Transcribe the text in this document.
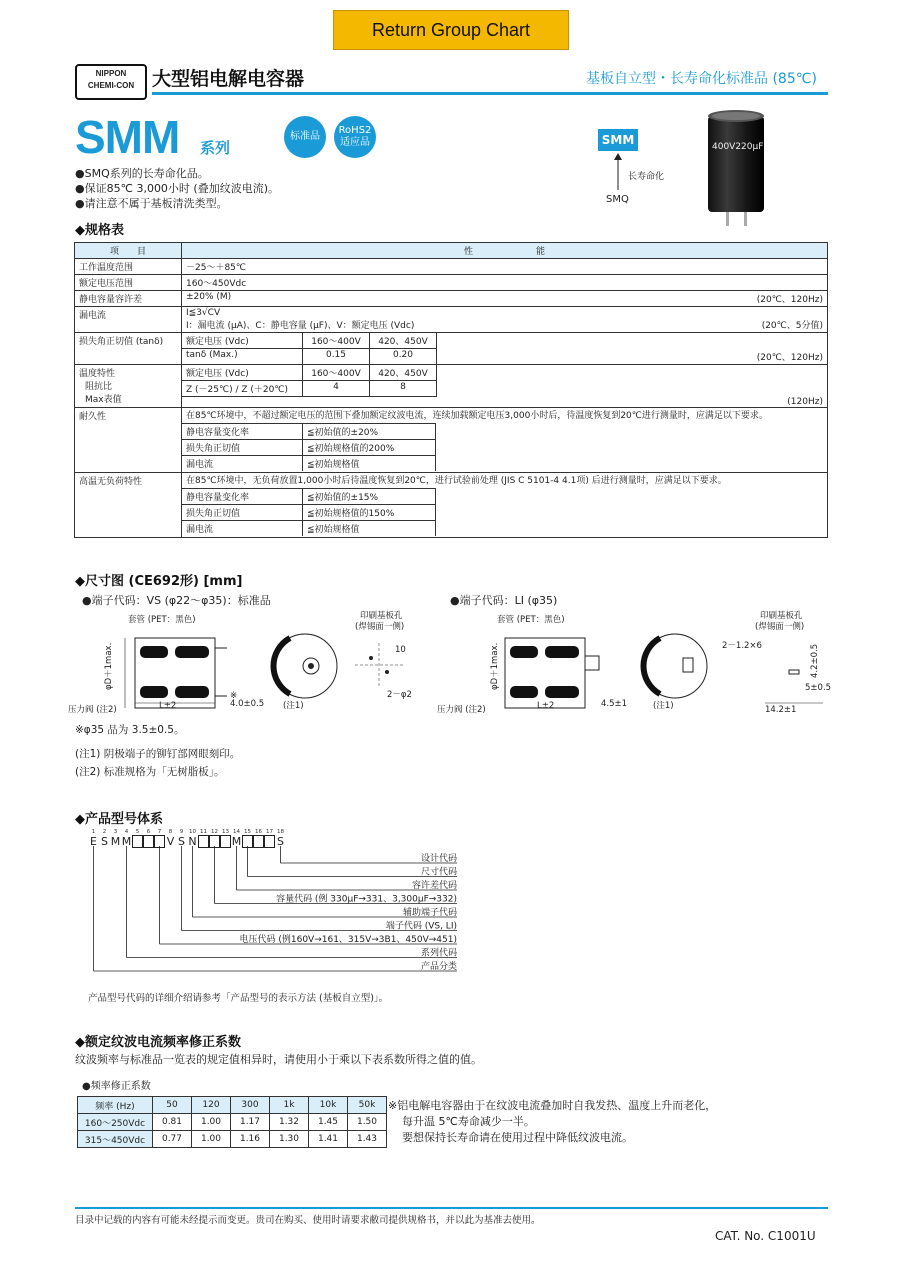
Return Group Chart
NIPPON
CHEMI-CON 大型铝电解电容器	基板自立型・长寿命化标准品 (85℃)
SMM 系列
标准品
RoHS2
适应品
●SMQ系列的长寿命化品。
●保证85℃ 3,000小时 (叠加纹波电流)。
●请注意不属于基板清洗类型。
SMM
长寿命化
SMQ
400V220μF
◆规格表
项　　目	性　　　　　　　能
工作温度范围	－25～＋85℃
额定电压范围	160～450Vdc
静电容量容许差	±20% (M)	(20℃、120Hz)

漏电流	I≦3√CV
I：漏电流 (μA)、C：静电容量 (μF)、V：额定电压 (Vdc)	(20℃、5分值)

损失角正切值 (tanδ)		额定电压 (Vdc)	160～400V	420、450V
tanδ (Max.)	0.15	0.20	(20℃、120Hz)

温度特性
阻抗比
Max表值

额定电压 (Vdc)	160～400V	420、450V
Z (－25℃) / Z (＋20℃)	4	8
(120Hz)

耐久性	在85℃环境中，不超过额定电压的范围下叠加额定纹波电流，连续加载额定电压3,000小时后，待温度恢复到20℃进行测量时，应满足以下要求。
静电容量变化率	≦初始值的±20%
损失角正切值	≦初始规格值的200%
漏电流	≦初始规格值

高温无负荷特性	在85℃环境中，无负荷放置1,000小时后待温度恢复到20℃，进行试验前处理 (JIS C 5101-4 4.1项) 后进行测量时，应满足以下要求。
静电容量变化率	≦初始值的±15%
损失角正切值	≦初始规格值的150%
漏电流	≦初始规格值
◆尺寸图 (CE692形) [mm]
●端子代码：VS (φ22～φ35)：标准品	●端子代码：LI (φ35)
φD＋1max.
L±2
套管 (PET：黑色)
压力阀 (注2)
※
4.0±0.5 (注1)
印刷基板孔
(焊锡面一侧)
10
2－φ2
套管 (PET：黑色)
φD＋1max.
L±2
压力阀 (注2)
4.5±1	(注1)
印刷基板孔
(焊锡面一侧)
2－1.2×6
14.2±1
5±0.5
4.2±0.5
※φ35 品为 3.5±0.5。
(注1) 阴极端子的铆钉部网眼刻印。
(注2) 标准规格为「无树脂板」。
◆产品型号体系
1
E
2
S
3
M
4
M
5	6	7	8
V
9
S
10
N
11 12 13 14
M
15 16 17 18
S
设计代码
尺寸代码
容许差代码
容量代码 (例 330μF→331、3,300μF→332)
辅助端子代码
端子代码 (VS, LI)
电压代码 (例160V→161、315V→3B1、450V→451)
系列代码
产品分类
产品型号代码的详细介绍请参考「产品型号的表示方法 (基板自立型)」。
◆额定纹波电流频率修正系数
纹波频率与标准品一览表的规定值相异时，请使用小于乘以下表系数所得之值的值。
●频率修正系数
频率 (Hz)	50	120	300	1k	10k	50k
160～250Vdc	0.81	1.00	1.17	1.32	1.45	1.50
315～450Vdc	0.77	1.00	1.16	1.30	1.41	1.43
※铝电解电容器由于在纹波电流叠加时自我发热、温度上升而老化，
每升温 5℃寿命减少一半。
要想保持长寿命请在使用过程中降低纹波电流。
目录中记载的内容有可能未经提示而变更。贵司在购买、使用时请要求敝司提供规格书，并以此为基准去使用。
CAT. No. C1001U
